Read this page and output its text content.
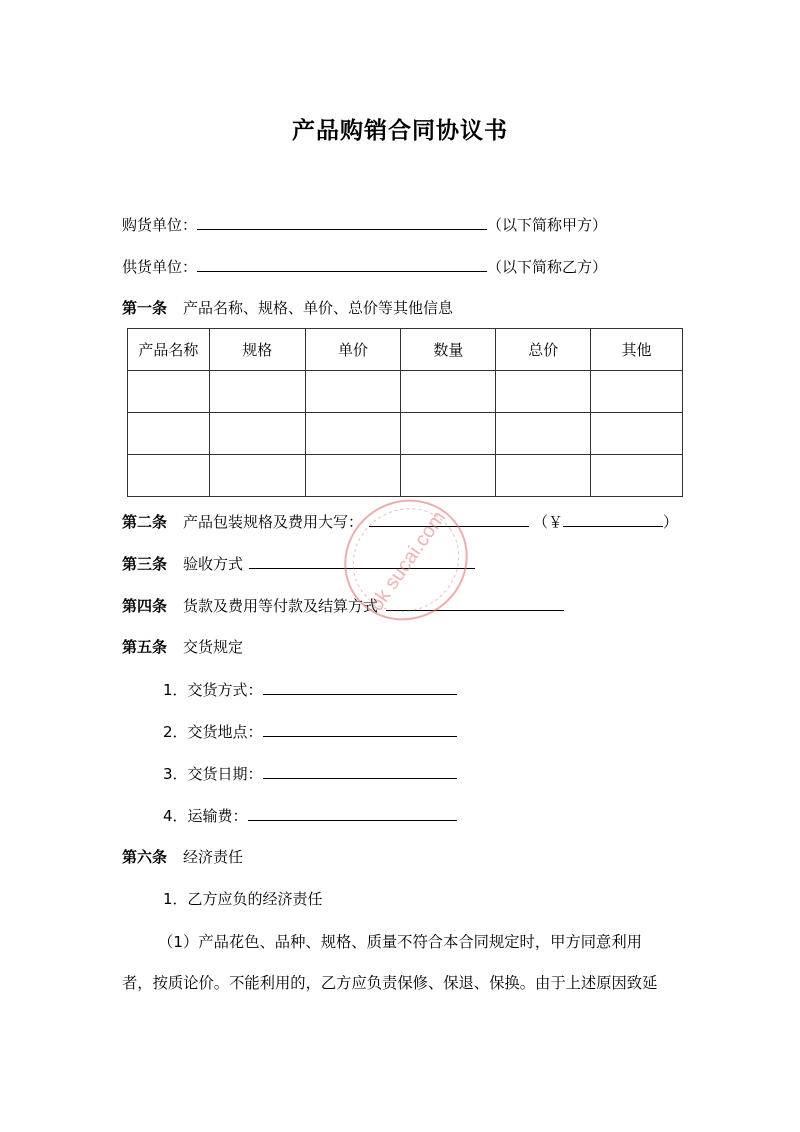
产品购销合同协议书
购货单位：	（以下简称甲方）
供货单位：	（以下简称乙方）
第一条 产品名称、规格、单价、总价等其他信息
产品名称	规格	单价	数量	总价	其他

第二条 产品包装规格及费用大写：	（￥	）
第三条 验收方式
第四条 货款及费用等付款及结算方式
第五条 交货规定
1．交货方式：
2．交货地点：
3．交货日期：
4．运输费：
第六条 经济责任
1．乙方应负的经济责任
（1）产品花色、品种、规格、质量不符合本合同规定时，甲方同意利用
者，按质论价。不能利用的，乙方应负责保修、保退、保换。由于上述原因致延
ok sucai.com
